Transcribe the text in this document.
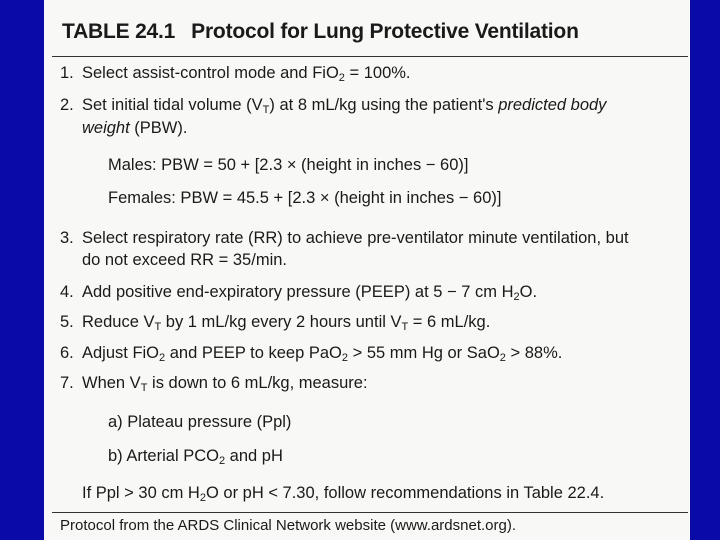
TABLE 24.1 Protocol for Lung Protective Ventilation
1. Select assist-control mode and FiO$_2$ = 100%.
2. Set initial tidal volume $(V_T)$ at 8 mL/kg using the patient's predicted body
weight (PBW).
Males: PBW = 50 + [2.3 × (height in inches − 60)]
Females: PBW = 45.5 + [2.3 × (height in inches − 60)]
3. Select respiratory rate (RR) to achieve pre-ventilator minute ventilation, but
do not exceed RR = 35/min.
4. Add positive end-expiratory pressure (PEEP) at 5 − 7 cm $H_2O$.
5. Reduce $V_T$ by 1 mL/kg every 2 hours until $V_T = 6$ mL/kg.
6. Adjust FiO$_2$ and PEEP to keep PaO$_2$ > 55 mm Hg or SaO$_2$ > 88%.
7. When $V_T$ is down to 6 mL/kg, measure:
a) Plateau pressure (Ppl)
b) Arterial $PCO_2$ and pH
If Ppl > 30 cm $H_2O$ or pH < 7.30, follow recommendations in Table 22.4.
Protocol from the ARDS Clinical Network website (www.ardsnet.org).
